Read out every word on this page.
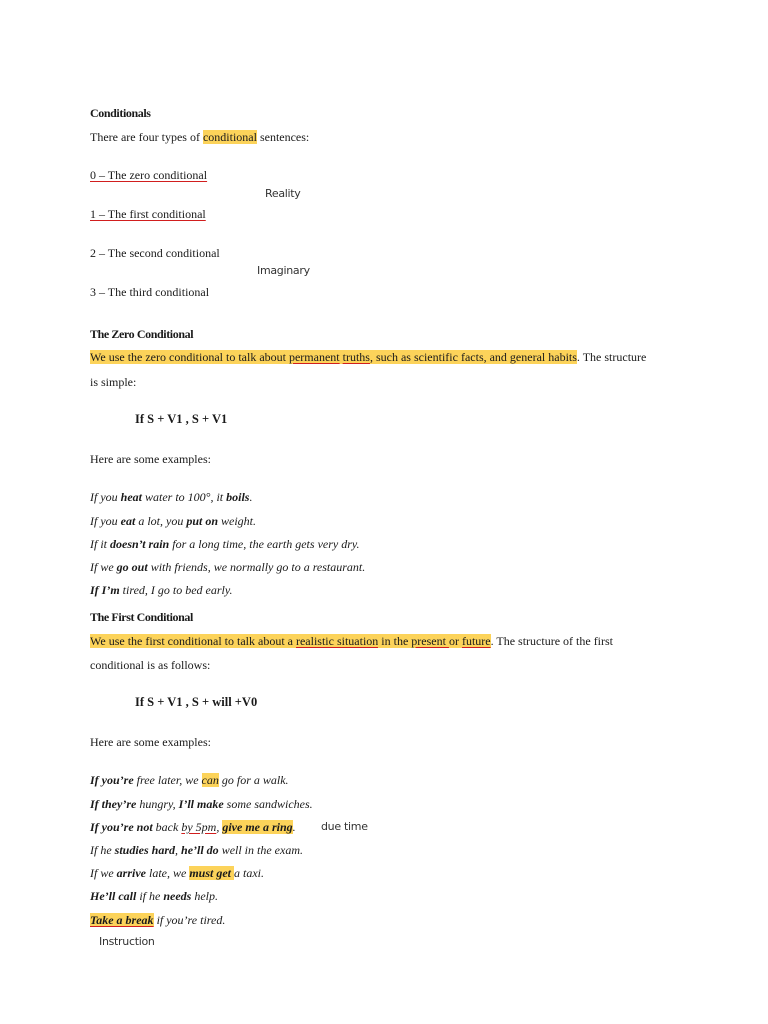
Conditionals
There are four types of conditional sentences:
0 – The zero conditional
Reality
1 – The first conditional
2 – The second conditional
Imaginary
3 – The third conditional
The Zero Conditional
We use the zero conditional to talk about permanent truths, such as scientific facts, and general habits. The structure
is simple:
If S + V1 , S + V1
Here are some examples:
If you heat water to 100°, it boils.
If you eat a lot, you put on weight.
If it doesn’t rain for a long time, the earth gets very dry.
If we go out with friends, we normally go to a restaurant.
If I’m tired, I go to bed early.
The First Conditional
We use the first conditional to talk about a realistic situation in the present or future. The structure of the first
conditional is as follows:
If S + V1 , S + will +V0
Here are some examples:
If you’re free later, we can go for a walk.
If they’re hungry, I’ll make some sandwiches.
If you’re not back by 5pm, give me a ring. due time
If he studies hard, he’ll do well in the exam.
If we arrive late, we must get a taxi.
He’ll call if he needs help.
Take a break if you’re tired.
Instruction
